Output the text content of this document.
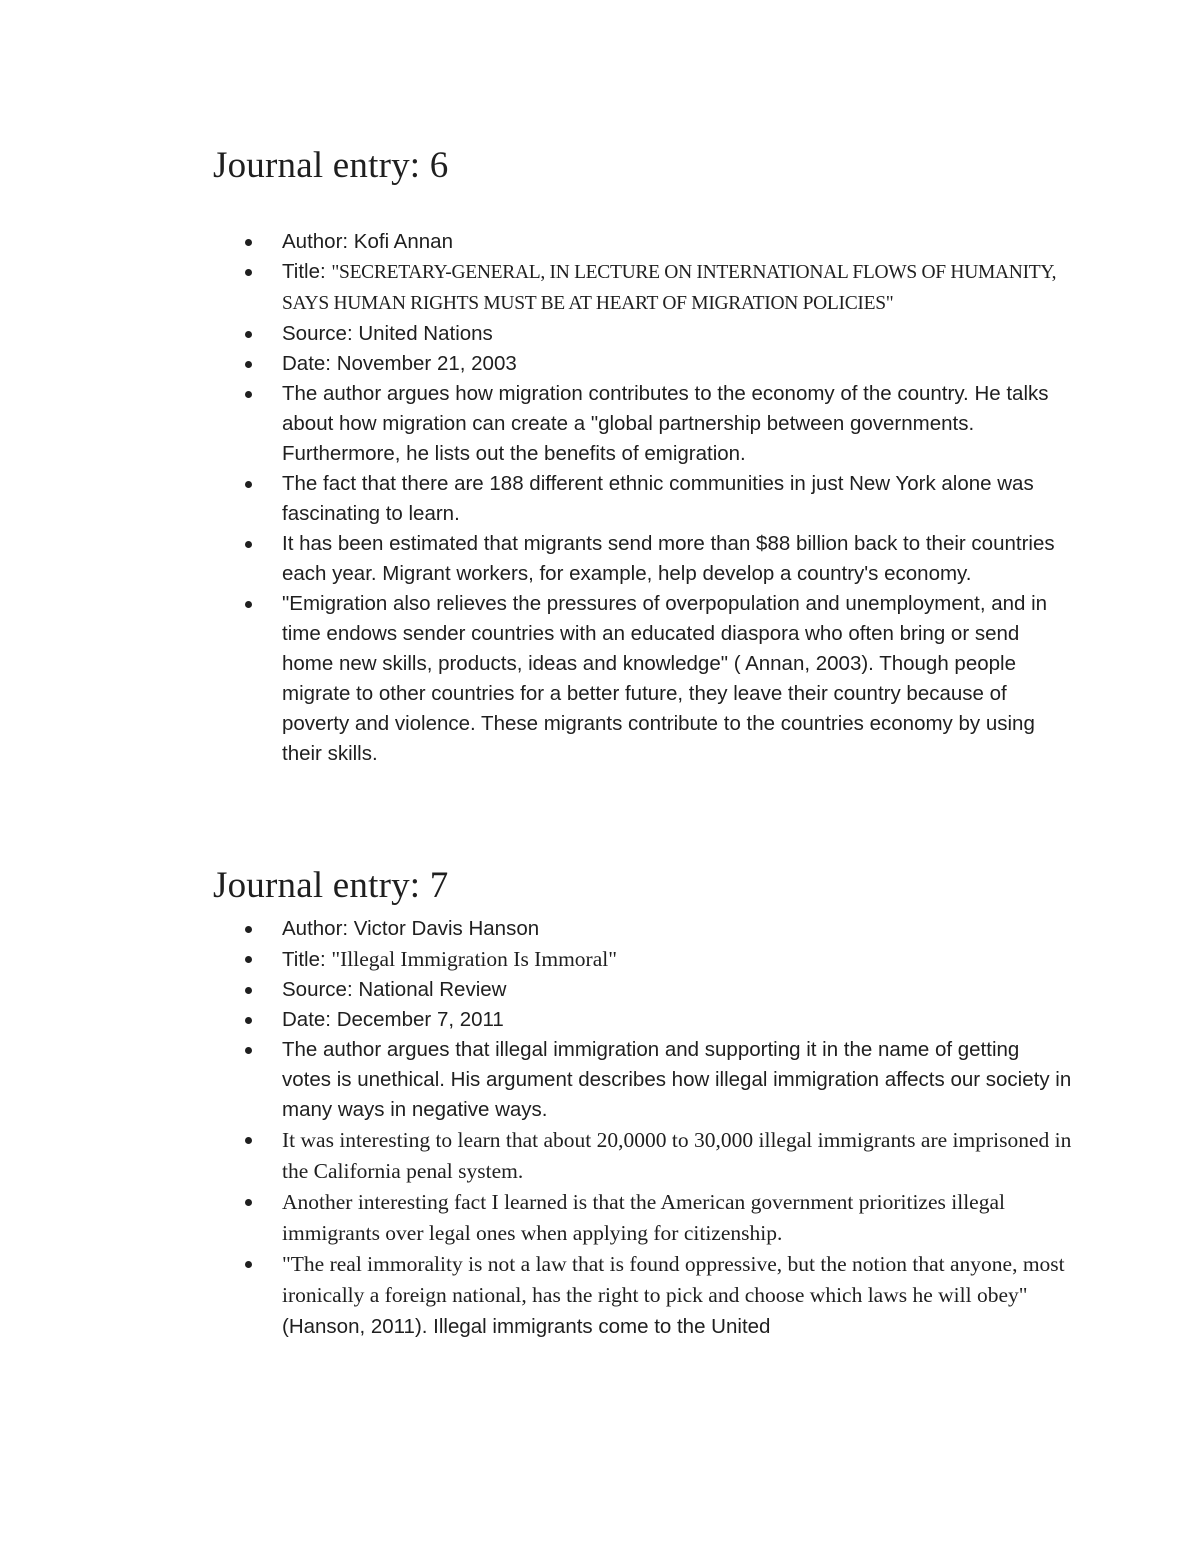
Journal entry: 6
Author: Kofi Annan
Title: "SECRETARY-GENERAL, IN LECTURE ON INTERNATIONAL FLOWS OF HUMANITY, SAYS HUMAN RIGHTS MUST BE AT HEART OF MIGRATION POLICIES"
Source: United Nations
Date: November 21, 2003
The author argues how migration contributes to the economy of the country. He talks about how migration can create a "global partnership between governments. Furthermore, he lists out the benefits of emigration.
The fact that there are 188 different ethnic communities in just New York alone was fascinating to learn.
It has been estimated that migrants send more than $88 billion back to their countries each year. Migrant workers, for example, help develop a country's economy.
"Emigration also relieves the pressures of overpopulation and unemployment, and in time endows sender countries with an educated diaspora who often bring or send home new skills, products, ideas and knowledge" ( Annan, 2003). Though people migrate to other countries for a better future, they leave their country because of poverty and violence. These migrants contribute to the countries economy by using their skills.
Journal entry: 7
Author: Victor Davis Hanson
Title: "Illegal Immigration Is Immoral"
Source: National Review
Date: December 7, 2011
The author argues that illegal immigration and supporting it in the name of getting votes is unethical. His argument describes how illegal immigration affects our society in many ways in negative ways.
It was interesting to learn that about 20,0000 to 30,000 illegal immigrants are imprisoned in the California penal system.
Another interesting fact I learned is that the American government prioritizes illegal immigrants over legal ones when applying for citizenship.
"The real immorality is not a law that is found oppressive, but the notion that anyone, most ironically a foreign national, has the right to pick and choose which laws he will obey" (Hanson, 2011). Illegal immigrants come to the United
